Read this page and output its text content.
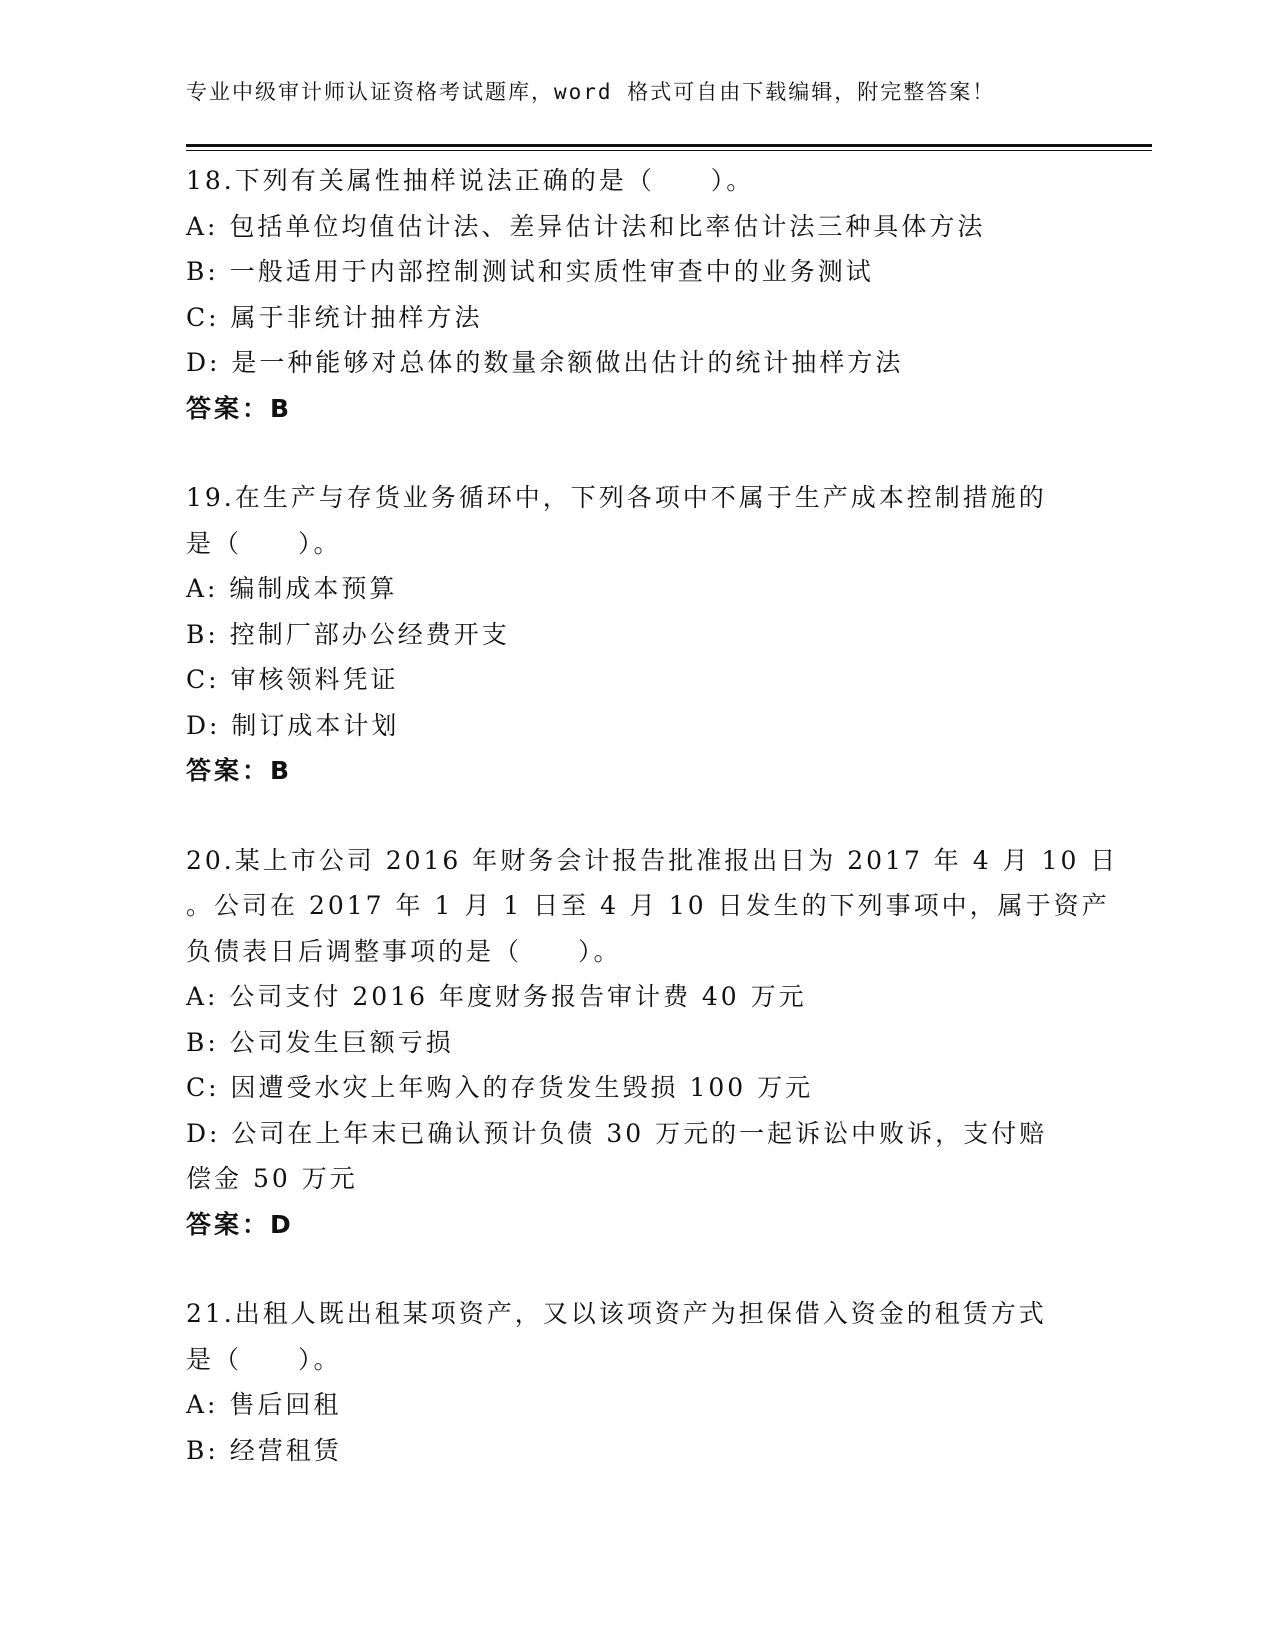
专业中级审计师认证资格考试题库，word 格式可自由下载编辑，附完整答案！
18.下列有关属性抽样说法正确的是（　　）。
A: 包括单位均值估计法、差异估计法和比率估计法三种具体方法
B: 一般适用于内部控制测试和实质性审查中的业务测试
C: 属于非统计抽样方法
D: 是一种能够对总体的数量余额做出估计的统计抽样方法
答案：B
19.在生产与存货业务循环中，下列各项中不属于生产成本控制措施的
是（　　）。
A: 编制成本预算
B: 控制厂部办公经费开支
C: 审核领料凭证
D: 制订成本计划
答案：B
20.某上市公司 2016 年财务会计报告批准报出日为 2017 年 4 月 10 日
。公司在 2017 年 1 月 1 日至 4 月 10 日发生的下列事项中，属于资产
负债表日后调整事项的是（　　）。
A: 公司支付 2016 年度财务报告审计费 40 万元
B: 公司发生巨额亏损
C: 因遭受水灾上年购入的存货发生毁损 100 万元
D: 公司在上年末已确认预计负债 30 万元的一起诉讼中败诉，支付赔
偿金 50 万元
答案：D
21.出租人既出租某项资产，又以该项资产为担保借入资金的租赁方式
是（　　）。
A: 售后回租
B: 经营租赁
